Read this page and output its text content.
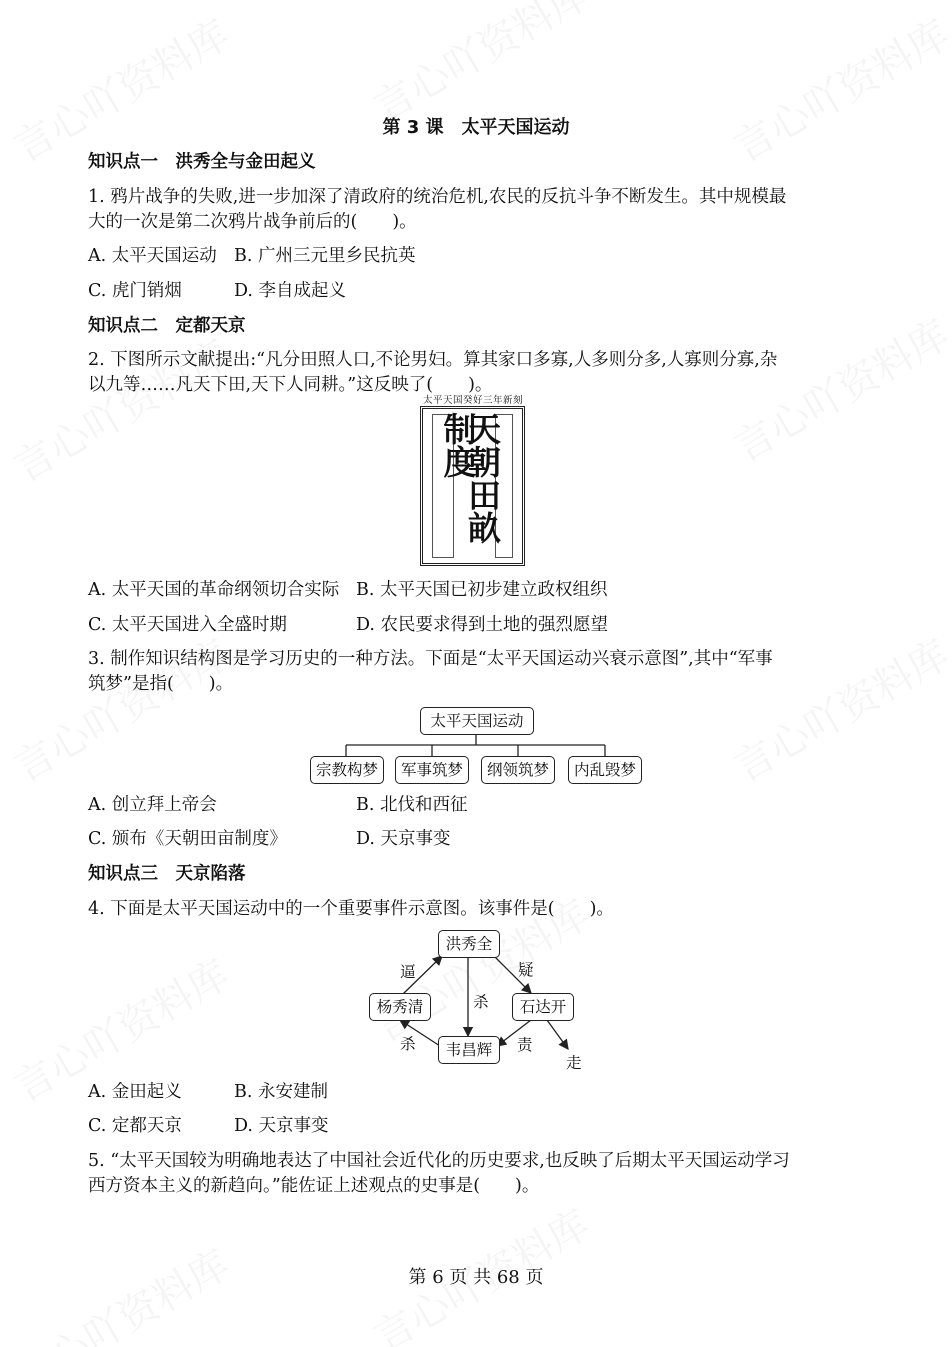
第 3 课　太平天国运动
知识点一　洪秀全与金田起义
1. 鸦片战争的失败,进一步加深了清政府的统治危机,农民的反抗斗争不断发生。其中规模最
大的一次是第二次鸦片战争前后的(　　)。
A. 太平天国运动 B. 广州三元里乡民抗英
C. 虎门销烟	D. 李自成起义
知识点二　定都天京
2. 下图所示文献提出:“凡分田照人口,不论男妇。算其家口多寡,人多则分多,人寡则分寡,杂
以九等……凡天下田,天下人同耕。”这反映了(　　)。
太平天国癸好三年新刻
天朝田畝制度
A. 太平天国的革命纲领切合实际 B. 太平天国已初步建立政权组织
C. 太平天国进入全盛时期	D. 农民要求得到土地的强烈愿望
3. 制作知识结构图是学习历史的一种方法。下面是“太平天国运动兴衰示意图”,其中“军事
筑梦”是指(　　)。
太平天国运动
宗教构梦	军事筑梦	纲领筑梦	内乱毁梦
A. 创立拜上帝会	B. 北伐和西征
C. 颁布《天朝田亩制度》	D. 天京事变
知识点三　天京陷落
4. 下面是太平天国运动中的一个重要事件示意图。该事件是(　　)。
洪秀全
杨秀清	石达开
韦昌辉
逼	疑
杀
杀	责
走
A. 金田起义	B. 永安建制
C. 定都天京	D. 天京事变
5. “太平天国较为明确地表达了中国社会近代化的历史要求,也反映了后期太平天国运动学习
西方资本主义的新趋向。”能佐证上述观点的史事是(　　)。
第 6 页 共 68 页
